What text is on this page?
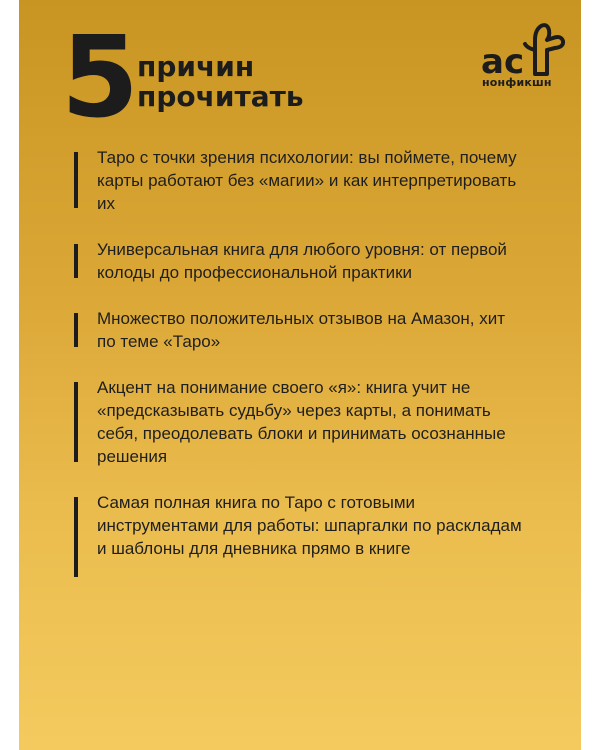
5 причин
прочитать
ас
нонфикшн
Таро с точки зрения психологии: вы поймете, почему карты работают без «магии» и как интерпретировать их
Универсальная книга для любого уровня: от первой колоды до профессиональной практики
Множество положительных отзывов на Амазон, хит по теме «Таро»
Акцент на понимание своего «я»: книга учит не «предсказывать судьбу» через карты, а понимать себя, преодолевать блоки и принимать осознанные решения
Самая полная книга по Таро с готовыми инструментами для работы: шпаргалки по раскладам и шаблоны для дневника прямо в книге
